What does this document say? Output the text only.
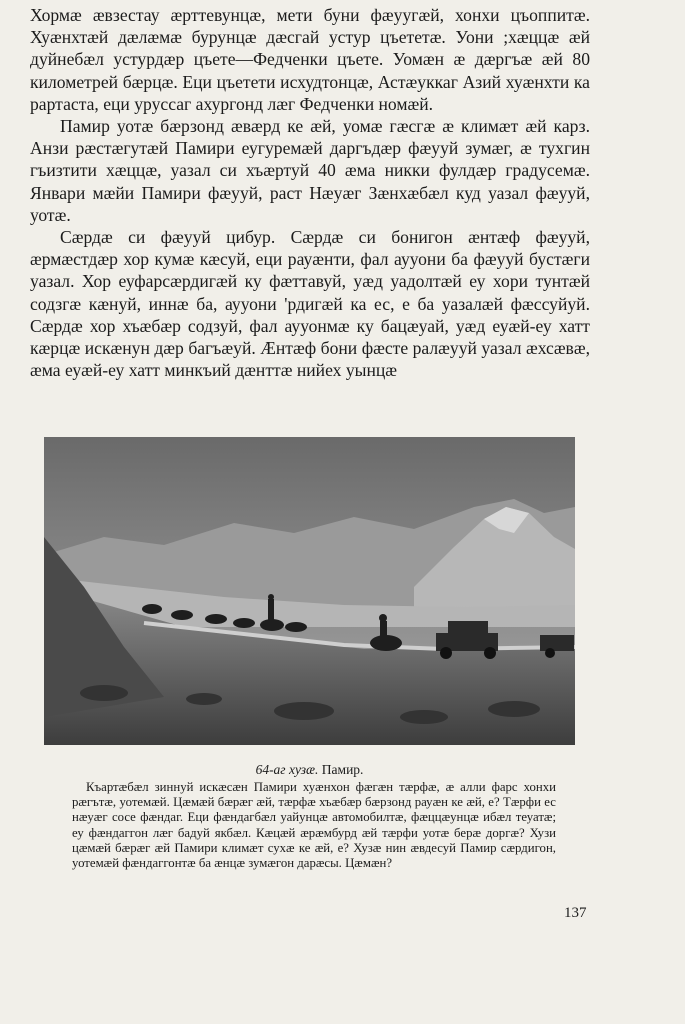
Хормæ æвзестау æрттевунцæ, мети буни фæуугæй, хонхи цъоппитæ. Хуæнхтæй дæлæмæ бурунцæ дæсгай устур цъететæ. Уони ;хæццæ æй дуйнебæл устурдæр цъете—Федченки цъете. Уомæн æ дæргъæ æй 80 километрей бæрцæ. Еци цъетети исхудтонцæ, Астæуккаг Азий хуæнхти ка рартаста, еци уруссаг ахургонд лæг Федченки номæй.

Памир уотæ бæрзонд æвæрд ке æй, уомæ гæсгæ æ климæт æй карз. Анзи рæстæгутæй Памири еугуремæй даргъдæр фæууй зумæг, æ тухгин гъизтити хæццæ, уазал си хъæртуй 40 æма никки фулдæр градусемæ. Январи мæйи Памири фæууй, раст Нæуæг Зæнхæбæл куд уазал фæууй, уотæ.

Сæрдæ си фæууй цибур. Сæрдæ си бонигон æнтæф фæууй, æрмæстдæр хор кумæ кæсуй, еци рауæнти, фал аууони ба фæууй бустæги уазал. Хор еуфарсæрдигæй ку фæттавуй, уæд уадолтæй еу хори тунтæй содзгæ кæнуй, иннæ ба, аууони 'рдигæй ка ес, е ба уазалæй фæссуйуй. Сæрдæ хор хъæбæр содзуй, фал аууонмæ ку бацæуай, уæд еуæй-еу хатт кæрцæ искæнун дæр багъæуй. Æнтæф бони фæсте ралæууй уазал æхсæвæ, æма еуæй-еу хатт минкъий дæнттæ нийех уынцæ

64-аг хузæ. Памир.

Къартæбæл зиннуй искæсæн Памири хуæнхон фæгæн тæрфæ, æ алли фарс хонхи рæгътæ, уотемæй. Цæмæй бæрæг æй, тæрфæ хъæбæр бæрзонд рауæн ке æй, е? Тæрфи ес нæуæг сосе фæндаг. Еци фæндагбæл уайунцæ автомобилтæ, фæццæунцæ ибæл теуатæ; еу фæндаггон лæг бадуй якбæл. Кæцæй æрæмбурд æй тæрфи уотæ берæ доргæ? Хузи цæмæй бæрæг æй Памири климæт сухæ ке æй, е? Хузæ нин æвдесуй Памир сæрдигон, уотемæй фæндаггонтæ ба æнцæ зумæгон дарæсы. Цæмæн?

137
